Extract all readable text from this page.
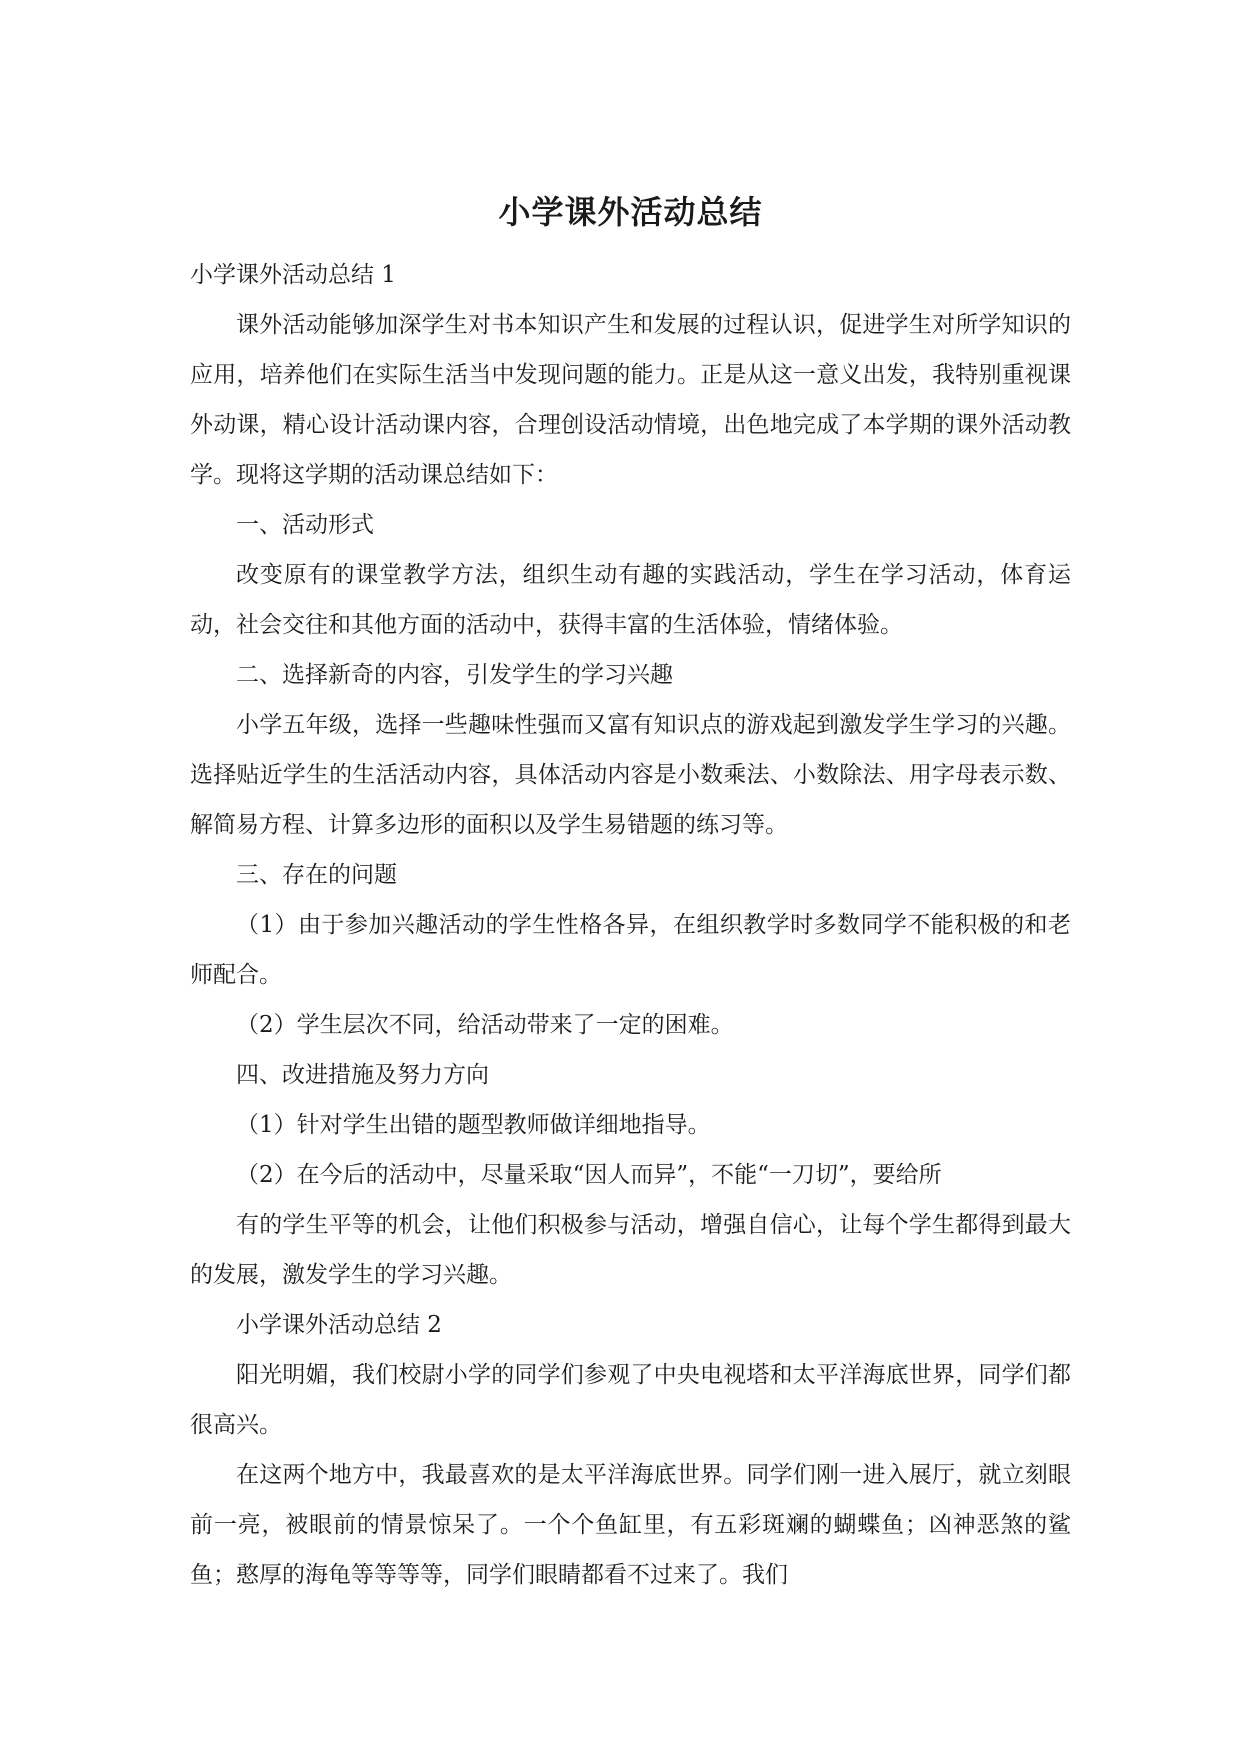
小学课外活动总结

小学课外活动总结 1

课外活动能够加深学生对书本知识产生和发展的过程认识，促进学生对所学知识的应用，培养他们在实际生活当中发现问题的能力。正是从这一意义出发，我特别重视课外动课，精心设计活动课内容，合理创设活动情境，出色地完成了本学期的课外活动教学。现将这学期的活动课总结如下：

一、活动形式

改变原有的课堂教学方法，组织生动有趣的实践活动，学生在学习活动，体育运动，社会交往和其他方面的活动中，获得丰富的生活体验，情绪体验。

二、选择新奇的内容，引发学生的学习兴趣

小学五年级，选择一些趣味性强而又富有知识点的游戏起到激发学生学习的兴趣。选择贴近学生的生活活动内容，具体活动内容是小数乘法、小数除法、用字母表示数、解简易方程、计算多边形的面积以及学生易错题的练习等。

三、存在的问题

（1）由于参加兴趣活动的学生性格各异，在组织教学时多数同学不能积极的和老师配合。

（2）学生层次不同，给活动带来了一定的困难。

四、改进措施及努力方向

（1）针对学生出错的题型教师做详细地指导。

（2）在今后的活动中，尽量采取“因人而异”，不能“一刀切”，要给所

有的学生平等的机会，让他们积极参与活动，增强自信心，让每个学生都得到最大的发展，激发学生的学习兴趣。

小学课外活动总结 2

阳光明媚，我们校尉小学的同学们参观了中央电视塔和太平洋海底世界，同学们都很高兴。

在这两个地方中，我最喜欢的是太平洋海底世界。同学们刚一进入展厅，就立刻眼前一亮，被眼前的情景惊呆了。一个个鱼缸里，有五彩斑斓的蝴蝶鱼；凶神恶煞的鲨鱼；憨厚的海龟等等等等，同学们眼睛都看不过来了。我们
